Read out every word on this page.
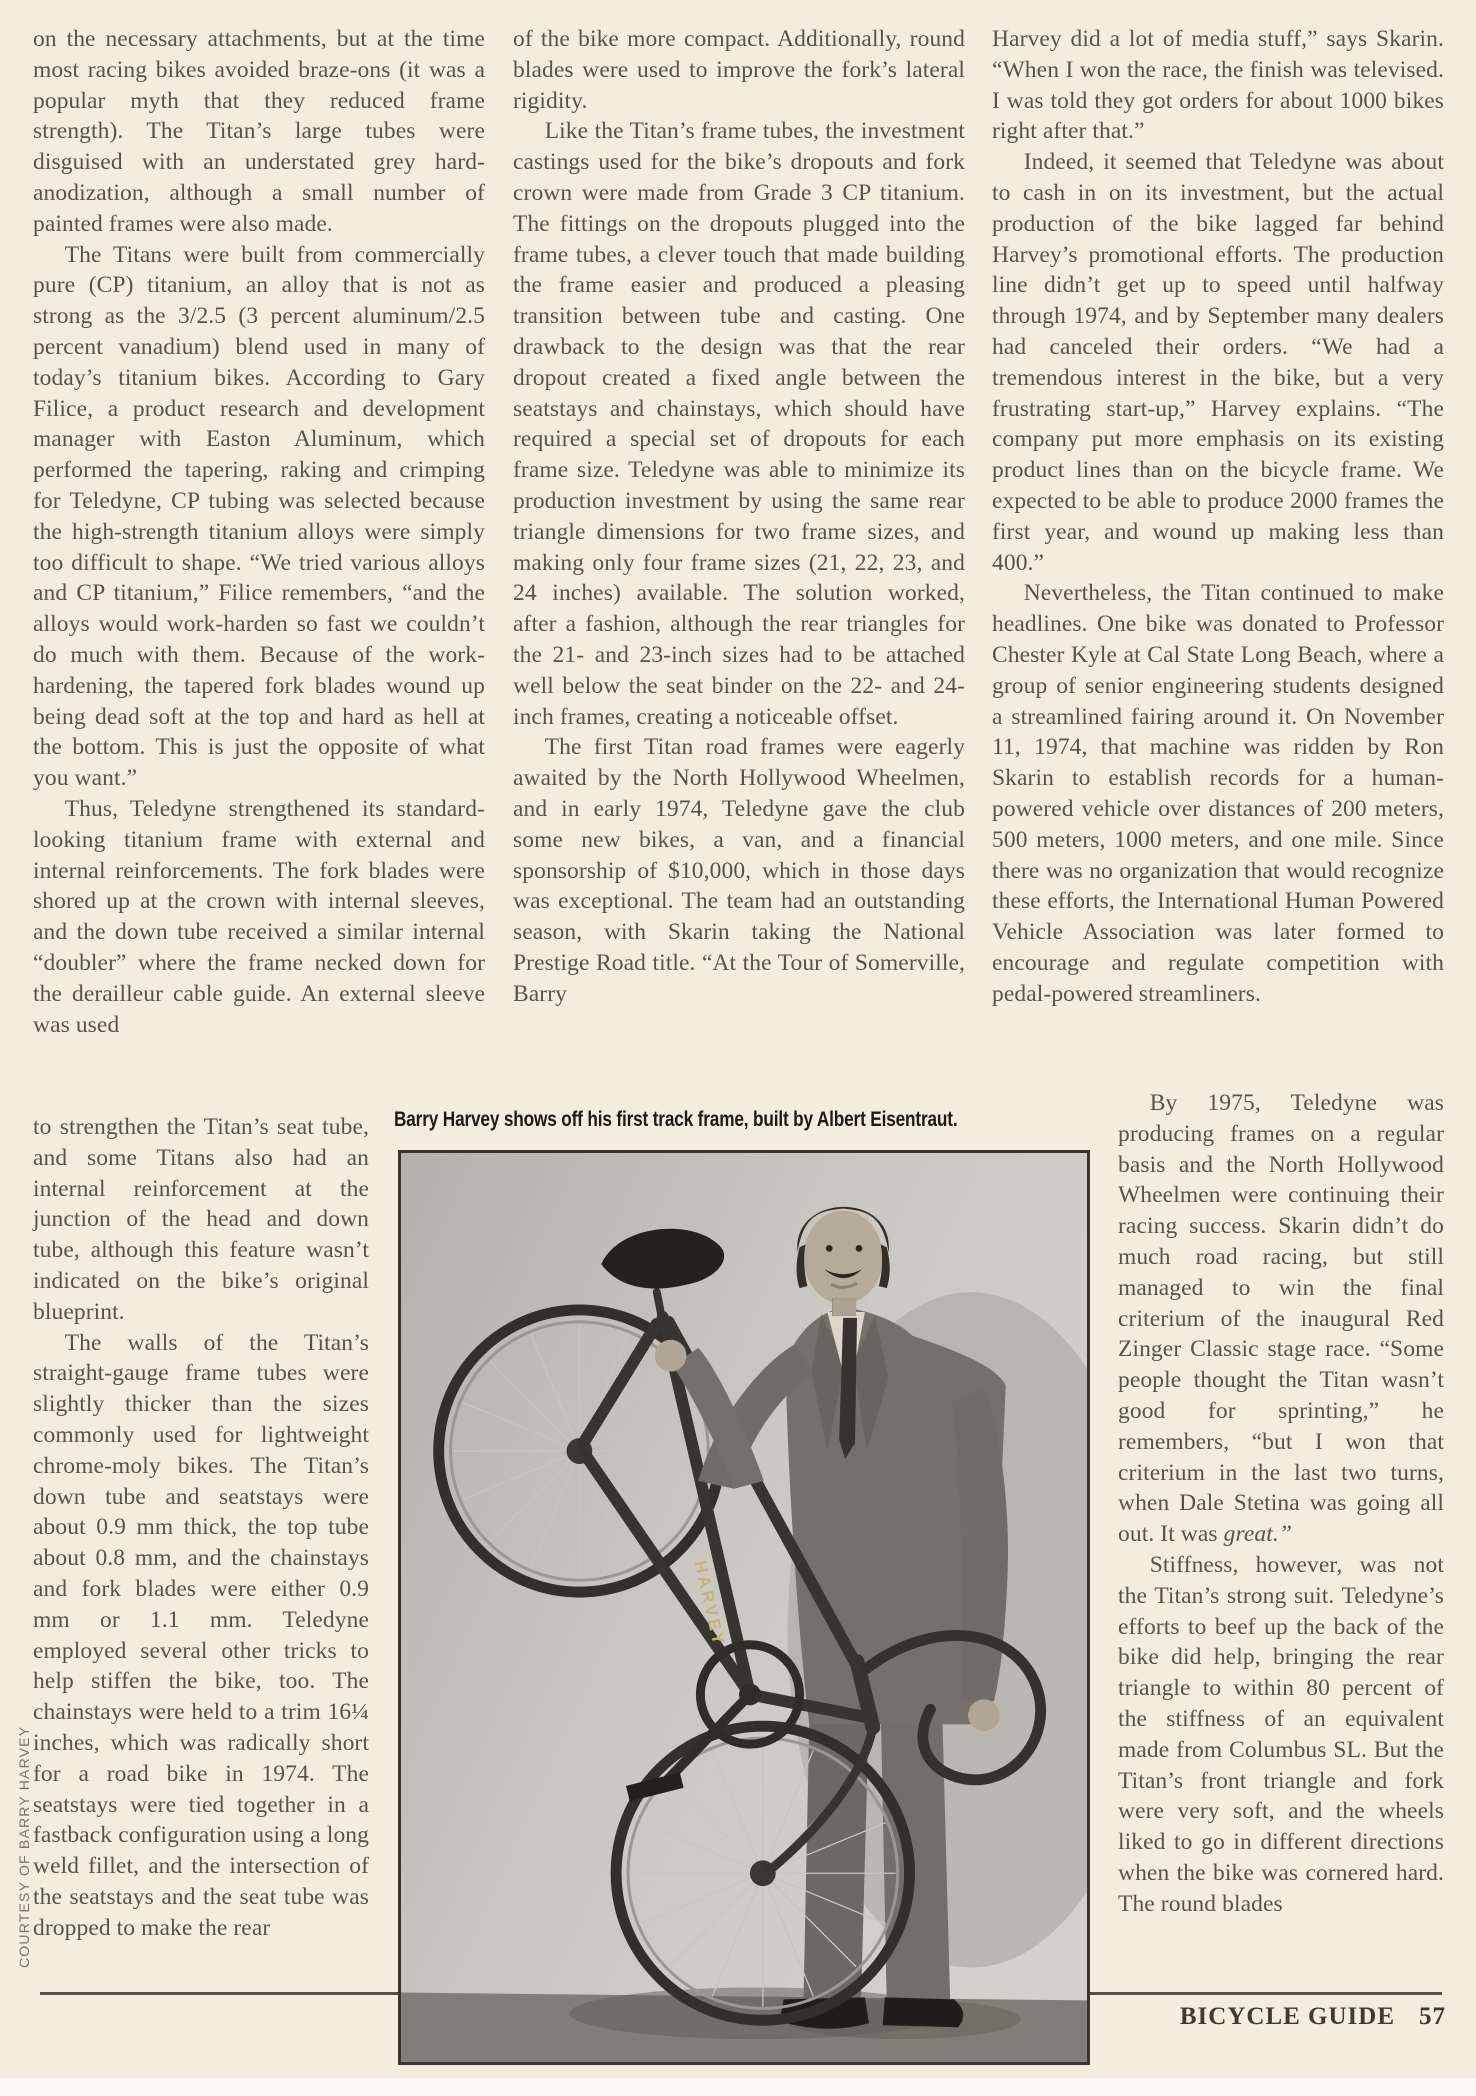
on the necessary attachments, but at the time most racing bikes avoided braze-ons (it was a popular myth that they reduced frame strength). The Titan’s large tubes were disguised with an understated grey hard-anodization, although a small number of painted frames were also made.

The Titans were built from commercially pure (CP) titanium, an alloy that is not as strong as the 3/2.5 (3 percent aluminum/2.5 percent vanadium) blend used in many of today’s titanium bikes. According to Gary Filice, a product research and development manager with Easton Aluminum, which performed the tapering, raking and crimping for Teledyne, CP tubing was selected because the high-strength titanium alloys were simply too difficult to shape. “We tried various alloys and CP titanium,” Filice remembers, “and the alloys would work-harden so fast we couldn’t do much with them. Because of the work-hardening, the tapered fork blades wound up being dead soft at the top and hard as hell at the bottom. This is just the opposite of what you want.”

Thus, Teledyne strengthened its standard-looking titanium frame with external and internal reinforcements. The fork blades were shored up at the crown with internal sleeves, and the down tube received a similar internal “doubler” where the frame necked down for the derailleur cable guide. An external sleeve was used

to strengthen the Titan’s seat tube, and some Titans also had an internal reinforcement at the junction of the head and down tube, although this feature wasn’t indicated on the bike’s original blueprint.

The walls of the Titan’s straight-gauge frame tubes were slightly thicker than the sizes commonly used for lightweight chrome-moly bikes. The Titan’s down tube and seatstays were about 0.9 mm thick, the top tube about 0.8 mm, and the chainstays and fork blades were either 0.9 mm or 1.1 mm. Teledyne employed several other tricks to help stiffen the bike, too. The chainstays were held to a trim 16¼ inches, which was radically short for a road bike in 1974. The seatstays were tied together in a fastback configuration using a long weld fillet, and the intersection of the seatstays and the seat tube was dropped to make the rear

of the bike more compact. Additionally, round blades were used to improve the fork’s lateral rigidity.

Like the Titan’s frame tubes, the investment castings used for the bike’s dropouts and fork crown were made from Grade 3 CP titanium. The fittings on the dropouts plugged into the frame tubes, a clever touch that made building the frame easier and produced a pleasing transition between tube and casting. One drawback to the design was that the rear dropout created a fixed angle between the seatstays and chainstays, which should have required a special set of dropouts for each frame size. Teledyne was able to minimize its production investment by using the same rear triangle dimensions for two frame sizes, and making only four frame sizes (21, 22, 23, and 24 inches) available. The solution worked, after a fashion, although the rear triangles for the 21- and 23-inch sizes had to be attached well below the seat binder on the 22- and 24-inch frames, creating a noticeable offset.

The first Titan road frames were eagerly awaited by the North Hollywood Wheelmen, and in early 1974, Teledyne gave the club some new bikes, a van, and a financial sponsorship of $10,000, which in those days was exceptional. The team had an outstanding season, with Skarin taking the National Prestige Road title. “At the Tour of Somerville, Barry

Harvey did a lot of media stuff,” says Skarin. “When I won the race, the finish was televised. I was told they got orders for about 1000 bikes right after that.”

Indeed, it seemed that Teledyne was about to cash in on its investment, but the actual production of the bike lagged far behind Harvey’s promotional efforts. The production line didn’t get up to speed until halfway through 1974, and by September many dealers had canceled their orders. “We had a tremendous interest in the bike, but a very frustrating start-up,” Harvey explains. “The company put more emphasis on its existing product lines than on the bicycle frame. We expected to be able to produce 2000 frames the first year, and wound up making less than 400.”

Nevertheless, the Titan continued to make headlines. One bike was donated to Professor Chester Kyle at Cal State Long Beach, where a group of senior engineering students designed a streamlined fairing around it. On November 11, 1974, that machine was ridden by Ron Skarin to establish records for a human-powered vehicle over distances of 200 meters, 500 meters, 1000 meters, and one mile. Since there was no organization that would recognize these efforts, the International Human Powered Vehicle Association was later formed to encourage and regulate competition with pedal-powered streamliners.

By 1975, Teledyne was producing frames on a regular basis and the North Hollywood Wheelmen were continuing their racing success. Skarin didn’t do much road racing, but still managed to win the final criterium of the inaugural Red Zinger Classic stage race. “Some people thought the Titan wasn’t good for sprinting,” he remembers, “but I won that criterium in the last two turns, when Dale Stetina was going all out. It was great.”

Stiffness, however, was not the Titan’s strong suit. Teledyne’s efforts to beef up the back of the bike did help, bringing the rear triangle to within 80 percent of the stiffness of an equivalent made from Columbus SL. But the Titan’s front triangle and fork were very soft, and the wheels liked to go in different directions when the bike was cornered hard. The round blades

Barry Harvey shows off his first track frame, built by Albert Eisentraut.
HARVEY
BICYCLE GUIDE 57
COURTESY OF BARRY HARVEY
